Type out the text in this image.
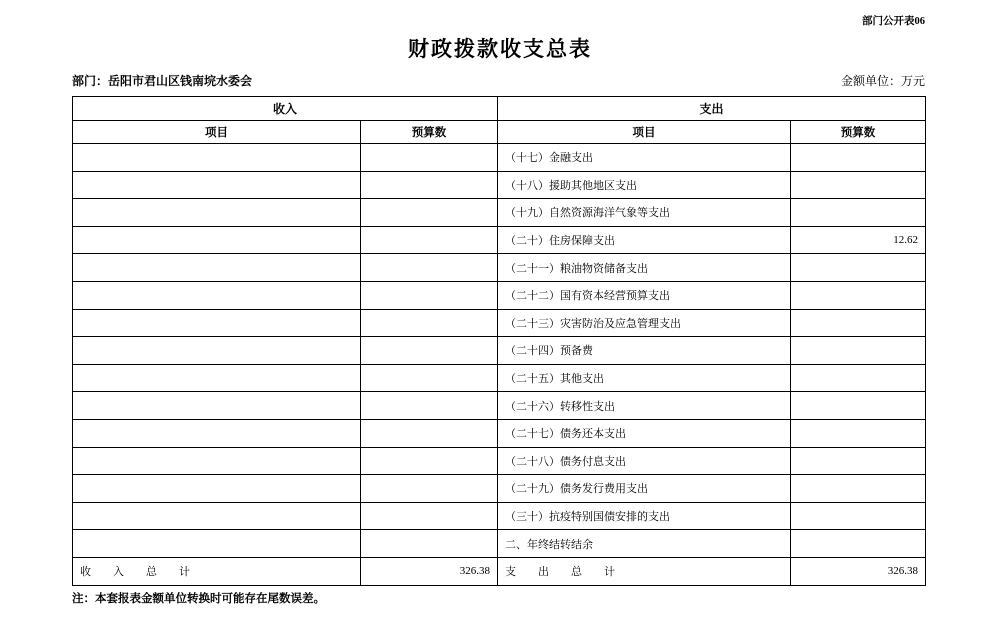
部门公开表06
财政拨款收支总表
部门：岳阳市君山区钱南垸水委会	金额单位：万元
收入		支出	
项目	预算数	项目	预算数
		（十七）金融支出	
		（十八）援助其他地区支出	
		（十九）自然资源海洋气象等支出	
		（二十）住房保障支出	12.62
		（二十一）粮油物资储备支出	
		（二十二）国有资本经营预算支出	
		（二十三）灾害防治及应急管理支出	
		（二十四）预备费	
		（二十五）其他支出	
		（二十六）转移性支出	
		（二十七）债务还本支出	
		（二十八）债务付息支出	
		（二十九）债务发行费用支出	
		（三十）抗疫特别国债安排的支出	
		二、年终结转结余	
收　　入　　总　　计	326.38	支　　出　　总　　计	326.38
注：本套报表金额单位转换时可能存在尾数误差。
